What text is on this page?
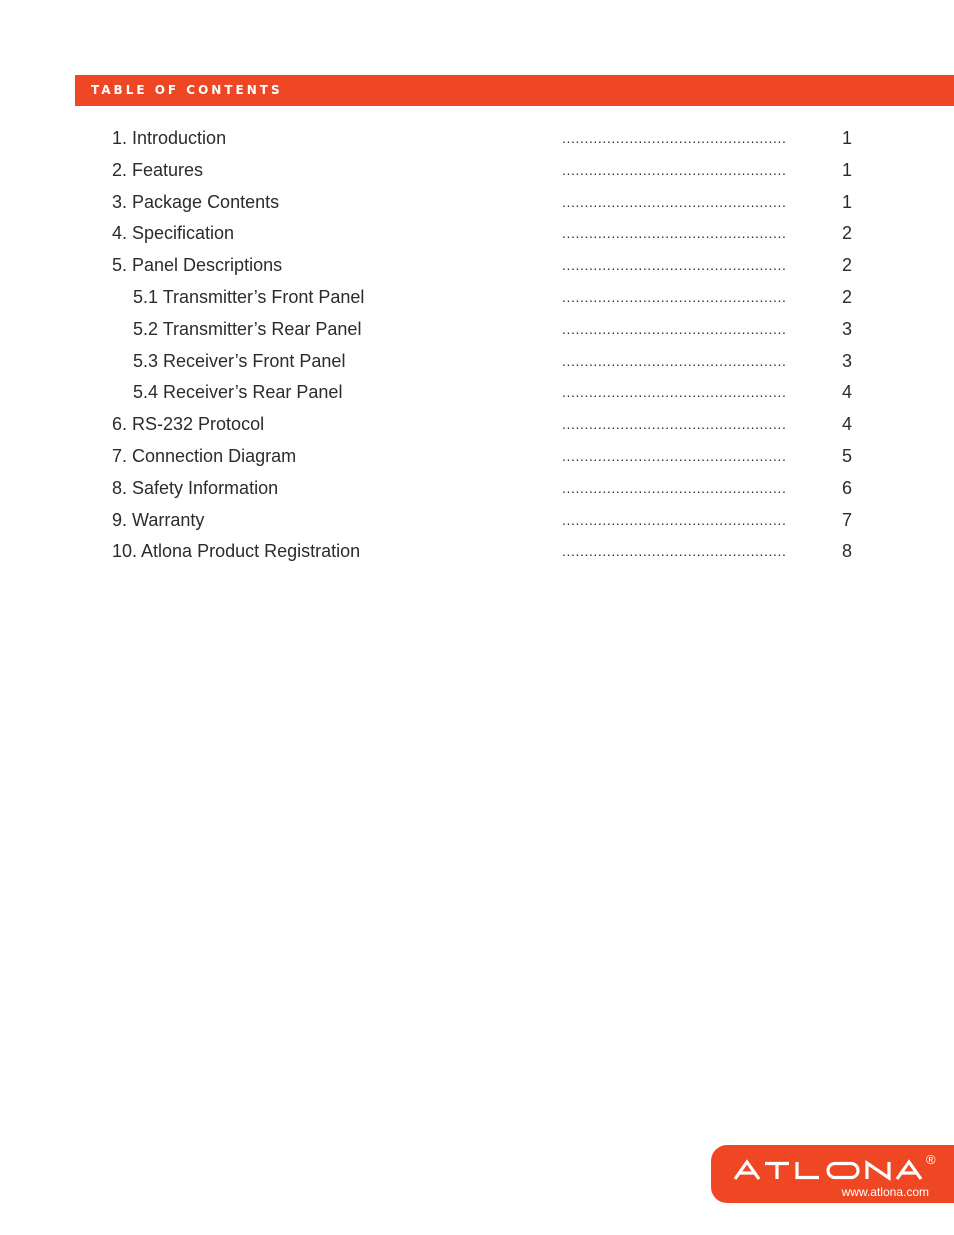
TABLE OF CONTENTS
1. Introduction	..................................................	1
2. Features	..................................................	1
3. Package Contents	..................................................	1
4. Specification	..................................................	2
5. Panel Descriptions	..................................................	2
5.1 Transmitter’s Front Panel	..................................................	2
5.2 Transmitter’s Rear Panel	..................................................	3
5.3 Receiver’s Front Panel	..................................................	3
5.4 Receiver’s Rear Panel	..................................................	4
6. RS-232 Protocol	..................................................	4
7. Connection Diagram	..................................................	5
8. Safety Information	..................................................	6
9. Warranty	..................................................	7
10. Atlona Product Registration	..................................................	8
®
www.atlona.com
